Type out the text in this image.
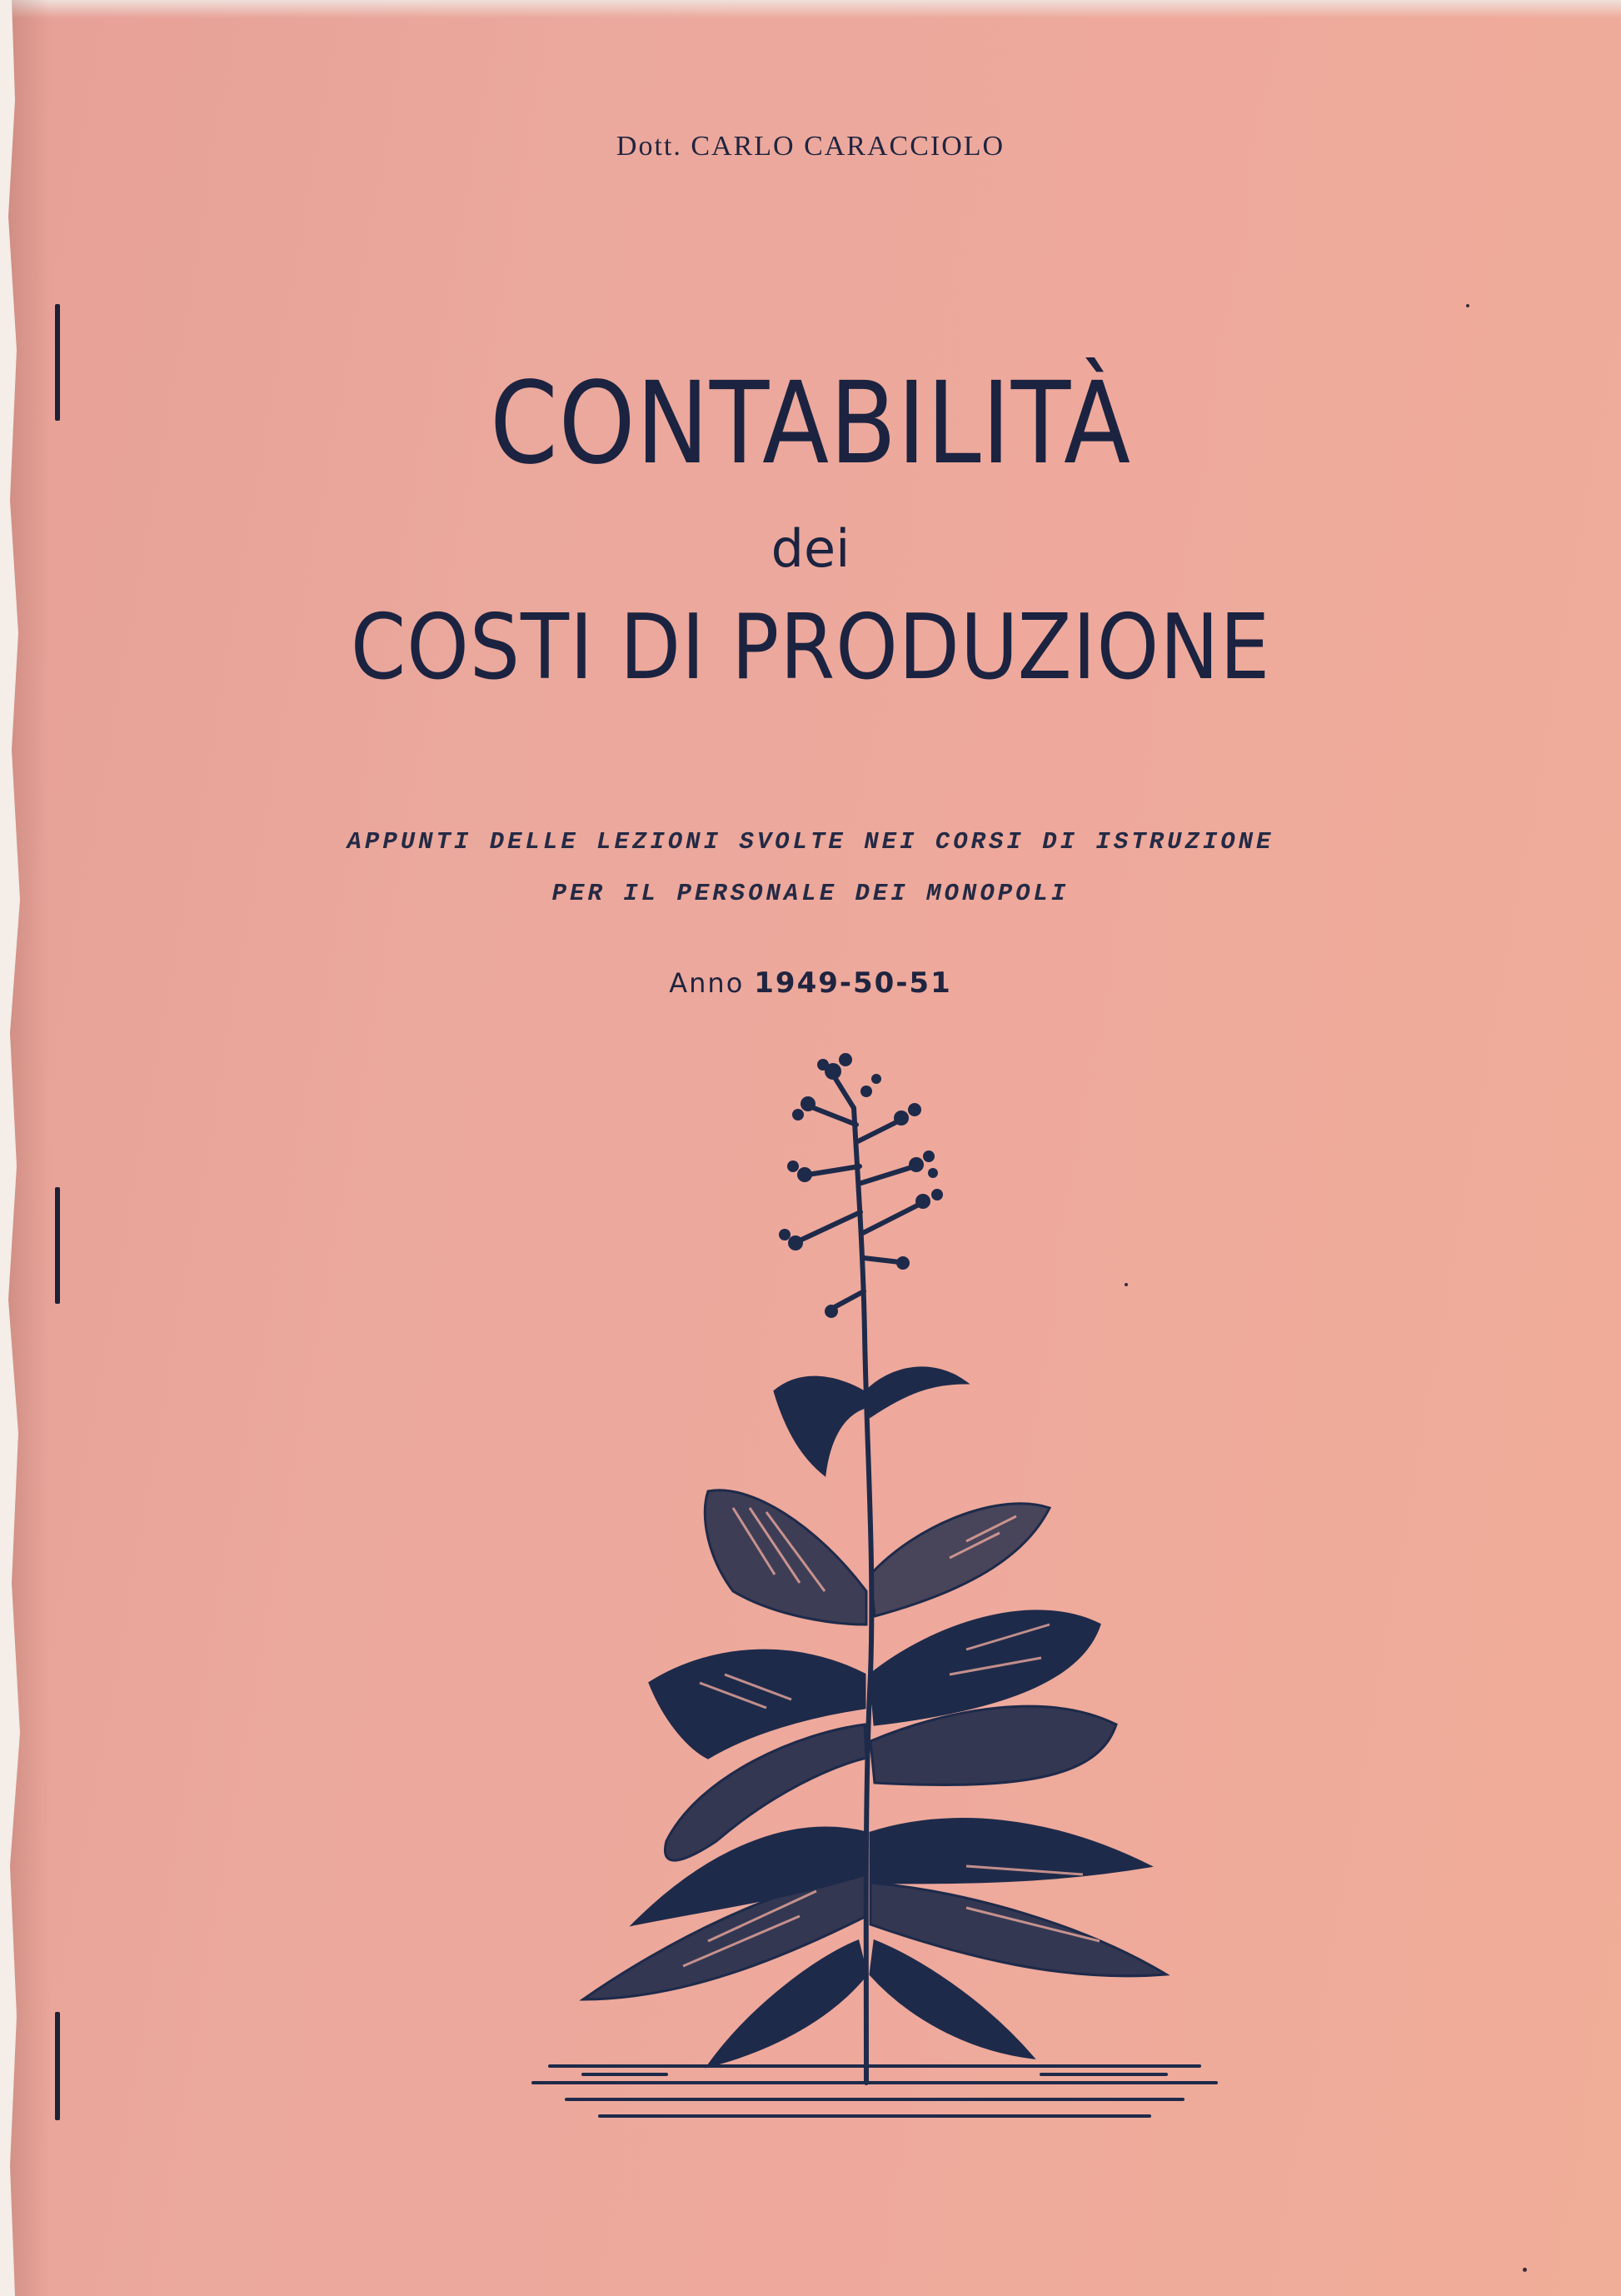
Dott. CARLO CARACCIOLO
CONTABILITÀ
dei
COSTI DI PRODUZIONE
APPUNTI DELLE LEZIONI SVOLTE NEI CORSI DI ISTRUZIONE
PER IL PERSONALE DEI MONOPOLI
Anno 1949-50-51
